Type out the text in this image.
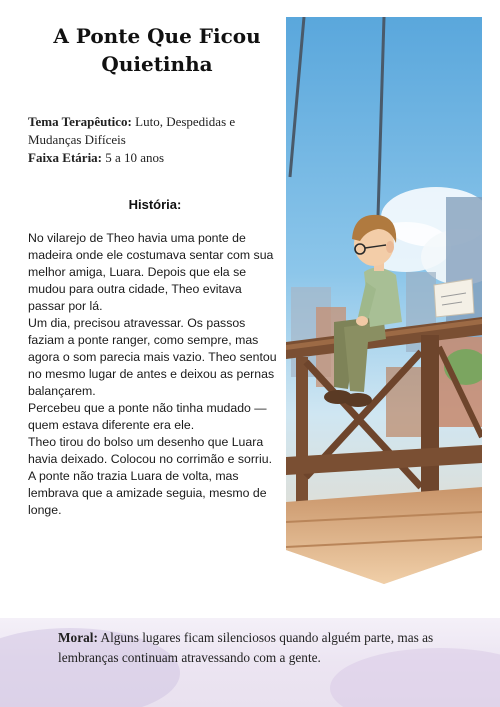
A Ponte Que Ficou Quietinha
Tema Terapêutico: Luto, Despedidas e Mudanças Difíceis
Faixa Etária: 5 a 10 anos
História:

No vilarejo de Theo havia uma ponte de madeira onde ele costumava sentar com sua melhor amiga, Luara. Depois que ela se mudou para outra cidade, Theo evitava passar por lá.

Um dia, precisou atravessar. Os passos faziam a ponte ranger, como sempre, mas agora o som parecia mais vazio. Theo sentou no mesmo lugar de antes e deixou as pernas balançarem.

Percebeu que a ponte não tinha mudado — quem estava diferente era ele.

Theo tirou do bolso um desenho que Luara havia deixado. Colocou no corrimão e sorriu. A ponte não trazia Luara de volta, mas lembrava que a amizade seguia, mesmo de longe.

Moral: Alguns lugares ficam silenciosos quando alguém parte, mas as lembranças continuam atravessando com a gente.
